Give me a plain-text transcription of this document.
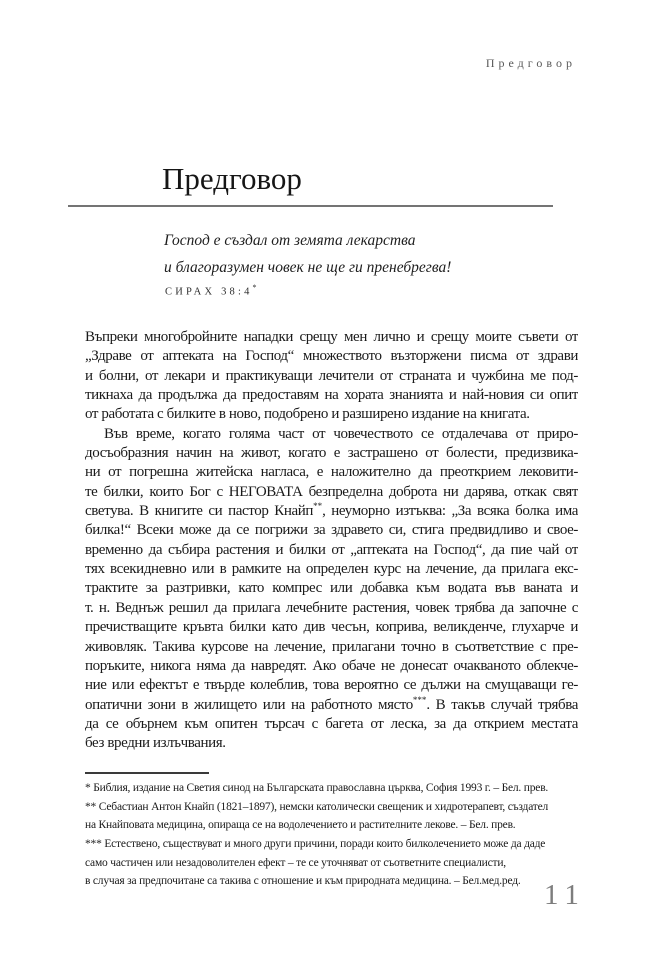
Предговор
Предговор
Господ е създал от земята лекарства
и благоразумен човек не ще ги пренебрегва!
СИРАХ 38:4*
Въпреки многобройните нападки срещу мен лично и срещу моите съвети от
„Здраве от аптеката на Господ“ множеството възторжени писма от здрави
и болни, от лекари и практикуващи лечители от страната и чужбина ме под-
тикнаха да продължа да предоставям на хората знанията и най-новия си опит
от работата с билките в ново, подобрено и разширено издание на книгата.
Във време, когато голяма част от човечеството се отдалечава от приро-
досъобразния начин на живот, когато е застрашено от болести, предизвика-
ни от погрешна житейска нагласа, е наложително да преоткрием лековити-
те билки, които Бог с НЕГОВАТА безпределна доброта ни дарява, откак свят
светува. В книгите си пастор Кнайп**, неуморно изтъква: „За всяка болка има
билка!“ Всеки може да се погрижи за здравето си, стига предвидливо и свое-
временно да събира растения и билки от „аптеката на Господ“, да пие чай от
тях всекидневно или в рамките на определен курс на лечение, да прилага екс-
трактите за разтривки, като компрес или добавка към водата във ваната и
т. н. Веднъж решил да прилага лечебните растения, човек трябва да започне с
пречистващите кръвта билки като див чесън, коприва, великденче, глухарче и
живовляк. Такива курсове на лечение, прилагани точно в съответствие с пре-
поръките, никога няма да навредят. Ако обаче не донесат очакваното облекче-
ние или ефектът е твърде колеблив, това вероятно се дължи на смущаващи ге-
опатични зони в жилището или на работното място***. В такъв случай трябва
да се обърнем към опитен търсач с багета от леска, за да открием местата
без вредни излъчвания.
* Библия, издание на Светия синод на Българската православна църква, София 1993 г. – Бел. прев.
** Себастиан Антон Кнайп (1821–1897), немски католически свещеник и хидротерапевт, създател
на Кнайповата медицина, опираща се на водолечението и растителните лекове. – Бел. прев.
*** Естествено, съществуват и много други причини, поради които билколечението може да даде
само частичен или незадоволителен ефект – те се уточняват от съответните специалисти,
в случая за предпочитане са такива с отношение и към природната медицина. – Бел.мед.ред. 11
